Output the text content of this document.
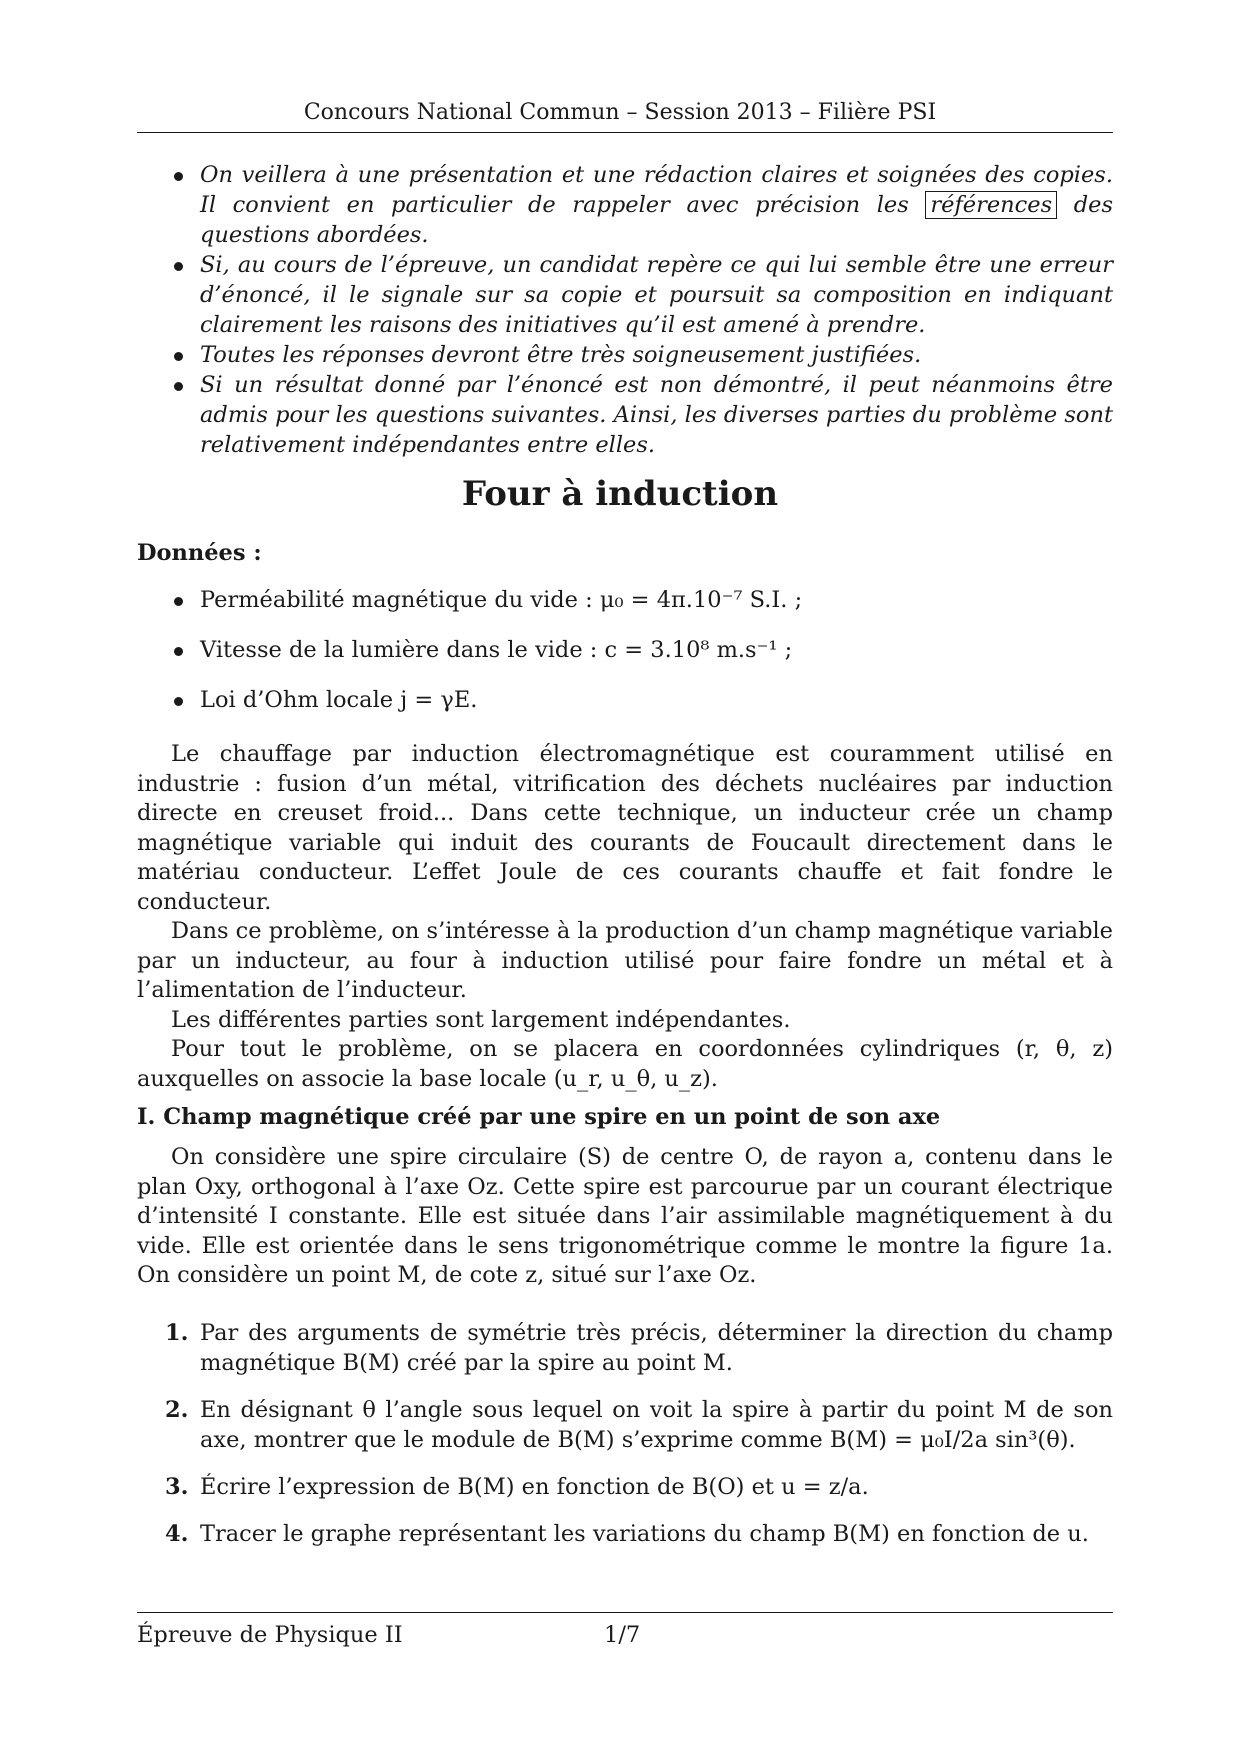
Concours National Commun – Session 2013 – Filière PSI
On veillera à une présentation et une rédaction claires et soignées des copies. Il convient en particulier de rappeler avec précision les références des questions abordées.
Si, au cours de l’épreuve, un candidat repère ce qui lui semble être une erreur d’énoncé, il le signale sur sa copie et poursuit sa composition en indiquant clairement les raisons des initiatives qu’il est amené à prendre.
Toutes les réponses devront être très soigneusement justifiées.
Si un résultat donné par l’énoncé est non démontré, il peut néanmoins être admis pour les questions suivantes. Ainsi, les diverses parties du problème sont relativement indépendantes entre elles.
Four à induction
Données :
Perméabilité magnétique du vide : μ₀ = 4π.10⁻⁷ S.I. ;
Vitesse de la lumière dans le vide : c = 3.10⁸ m.s⁻¹ ;
Loi d’Ohm locale j = γE.

Le chauffage par induction électromagnétique est couramment utilisé en industrie : fusion d’un métal, vitrification des déchets nucléaires par induction directe en creuset froid... Dans cette technique, un inducteur crée un champ magnétique variable qui induit des courants de Foucault directement dans le matériau conducteur. L’effet Joule de ces courants chauffe et fait fondre le conducteur.

Dans ce problème, on s’intéresse à la production d’un champ magnétique variable par un inducteur, au four à induction utilisé pour faire fondre un métal et à l’alimentation de l’inducteur.

Les différentes parties sont largement indépendantes.

Pour tout le problème, on se placera en coordonnées cylindriques (r, θ, z) auxquelles on associe la base locale (u_r, u_θ, u_z).

I. Champ magnétique créé par une spire en un point de son axe

On considère une spire circulaire (S) de centre O, de rayon a, contenu dans le plan Oxy, orthogonal à l’axe Oz. Cette spire est parcourue par un courant électrique d’intensité I constante. Elle est située dans l’air assimilable magnétiquement à du vide. Elle est orientée dans le sens trigonométrique comme le montre la figure 1a. On considère un point M, de cote z, situé sur l’axe Oz.

1. Par des arguments de symétrie très précis, déterminer la direction du champ magnétique B(M) créé par la spire au point M.
2. En désignant θ l’angle sous lequel on voit la spire à partir du point M de son axe, montrer que le module de B(M) s’exprime comme B(M) = μ₀I/2a sin³(θ).
3. Écrire l’expression de B(M) en fonction de B(O) et u = z/a.
4. Tracer le graphe représentant les variations du champ B(M) en fonction de u.
Épreuve de Physique II	1/7
